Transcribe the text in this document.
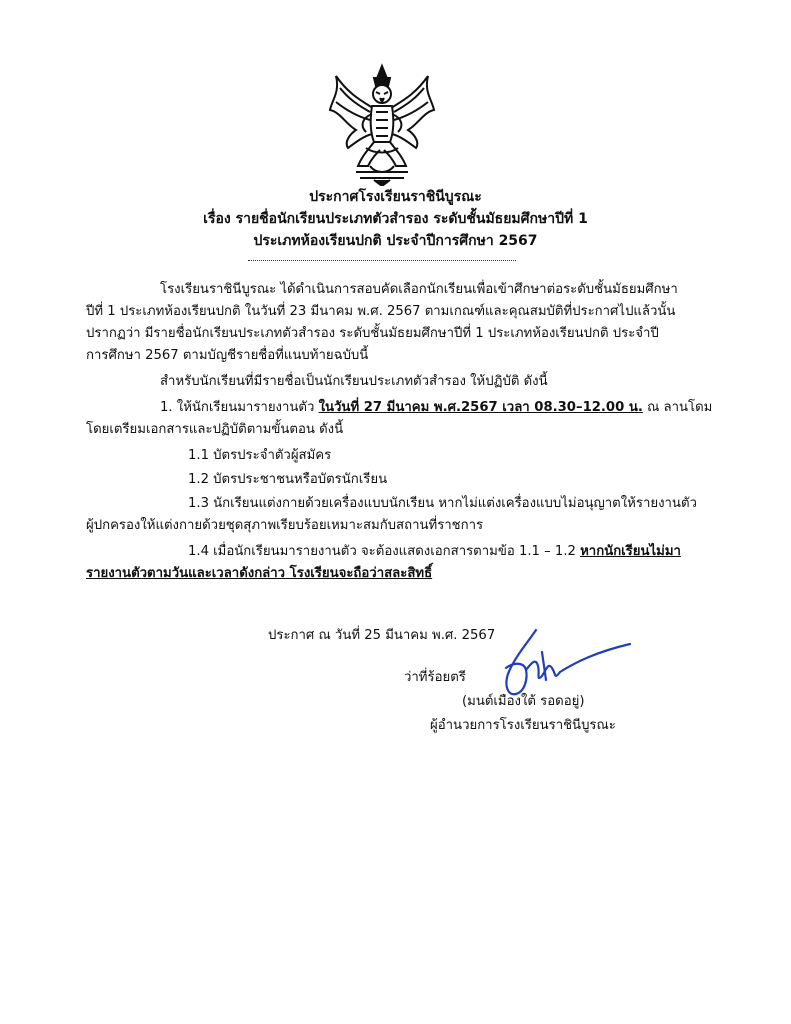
ประกาศโรงเรียนราชินีบูรณะ
เรื่อง รายชื่อนักเรียนประเภทตัวสำรอง ระดับชั้นมัธยมศึกษาปีที่ 1
ประเภทห้องเรียนปกติ ประจำปีการศึกษา 2567
โรงเรียนราชินีบูรณะ ได้ดำเนินการสอบคัดเลือกนักเรียนเพื่อเข้าศึกษาต่อระดับชั้นมัธยมศึกษา
ปีที่ 1 ประเภทห้องเรียนปกติ ในวันที่ 23 มีนาคม พ.ศ. 2567 ตามเกณฑ์และคุณสมบัติที่ประกาศไปแล้วนั้น
ปรากฏว่า มีรายชื่อนักเรียนประเภทตัวสำรอง ระดับชั้นมัธยมศึกษาปีที่ 1 ประเภทห้องเรียนปกติ ประจำปี
การศึกษา 2567 ตามบัญชีรายชื่อที่แนบท้ายฉบับนี้
สำหรับนักเรียนที่มีรายชื่อเป็นนักเรียนประเภทตัวสำรอง ให้ปฏิบัติ ดังนี้
1. ให้นักเรียนมารายงานตัว ในวันที่ 27 มีนาคม พ.ศ.2567 เวลา 08.30–12.00 น. ณ ลานโดม
โดยเตรียมเอกสารและปฏิบัติตามขั้นตอน ดังนี้
1.1 บัตรประจำตัวผู้สมัคร
1.2 บัตรประชาชนหรือบัตรนักเรียน
1.3 นักเรียนแต่งกายด้วยเครื่องแบบนักเรียน หากไม่แต่งเครื่องแบบไม่อนุญาตให้รายงานตัว
ผู้ปกครองให้แต่งกายด้วยชุดสุภาพเรียบร้อยเหมาะสมกับสถานที่ราชการ
1.4 เมื่อนักเรียนมารายงานตัว จะต้องแสดงเอกสารตามข้อ 1.1 – 1.2 หากนักเรียนไม่มา
รายงานตัวตามวันและเวลาดังกล่าว โรงเรียนจะถือว่าสละสิทธิ์
ประกาศ ณ วันที่ 25 มีนาคม พ.ศ. 2567
ว่าที่ร้อยตรี
(มนต์เมืองใต้ รอดอยู่)
ผู้อำนวยการโรงเรียนราชินีบูรณะ
